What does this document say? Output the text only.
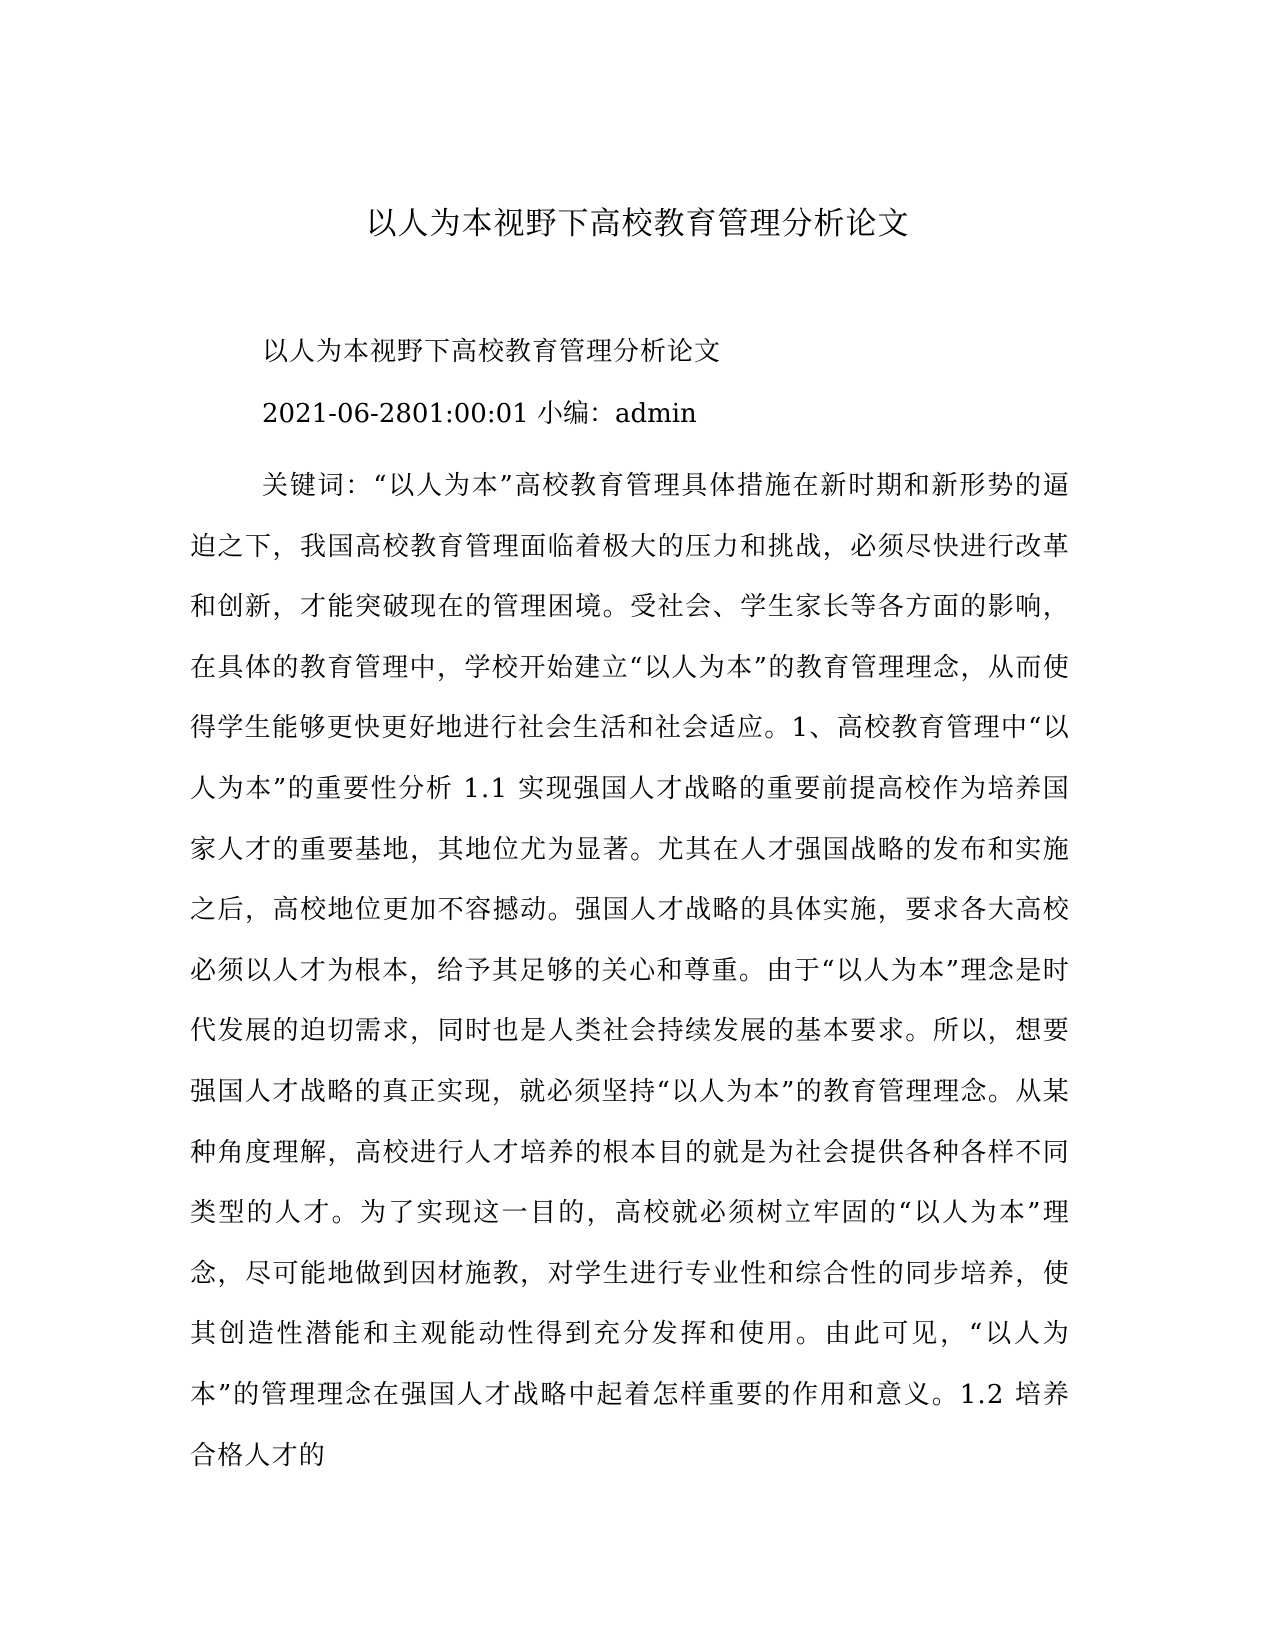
以人为本视野下高校教育管理分析论文
以人为本视野下高校教育管理分析论文
2021-06-2801:00:01 小编：admin

关键词：“以人为本”高校教育管理具体措施在新时期和新形势的逼迫之下，我国高校教育管理面临着极大的压力和挑战，必须尽快进行改革和创新，才能突破现在的管理困境。受社会、学生家长等各方面的影响，在具体的教育管理中，学校开始建立“以人为本”的教育管理理念，从而使得学生能够更快更好地进行社会生活和社会适应。1、高校教育管理中“以人为本”的重要性分析 1.1 实现强国人才战略的重要前提高校作为培养国家人才的重要基地，其地位尤为显著。尤其在人才强国战略的发布和实施之后，高校地位更加不容撼动。强国人才战略的具体实施，要求各大高校必须以人才为根本，给予其足够的关心和尊重。由于“以人为本”理念是时代发展的迫切需求，同时也是人类社会持续发展的基本要求。所以，想要强国人才战略的真正实现，就必须坚持“以人为本”的教育管理理念。从某种角度理解，高校进行人才培养的根本目的就是为社会提供各种各样不同类型的人才。为了实现这一目的，高校就必须树立牢固的“以人为本”理念，尽可能地做到因材施教，对学生进行专业性和综合性的同步培养，使其创造性潜能和主观能动性得到充分发挥和使用。由此可见，“以人为本”的管理理念在强国人才战略中起着怎样重要的作用和意义。1.2 培养合格人才的
